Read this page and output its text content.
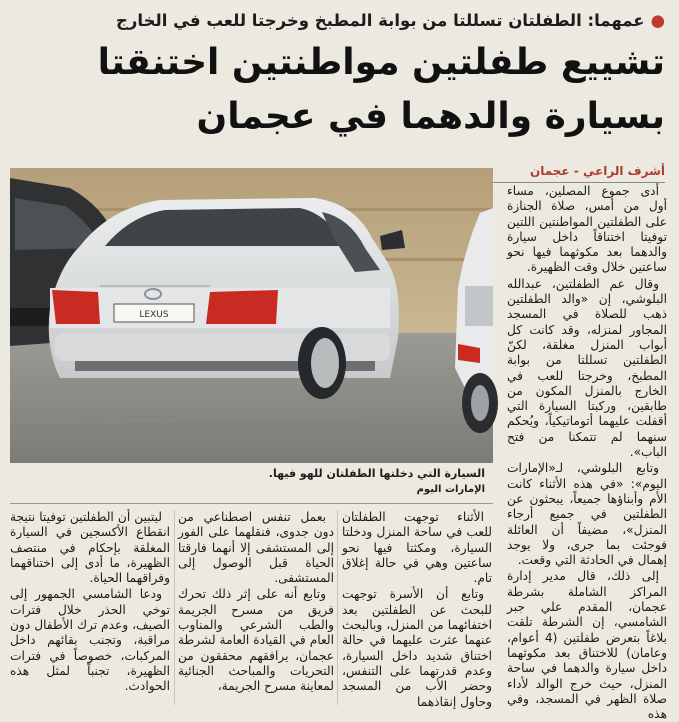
●عمهما: الطفلتان تسللتا من بوابة المطبخ وخرجتا للعب في الخارج
تشييع طفلتين مواطنتين اختنقتا بسيارة والدهما في عجمان
أشرف الراعي - عجمان
LEXUS
السيارة التي دخلتها الطفلتان للهو فيها.
الإمارات اليوم

أدى جموع المصلين، مساء أول من أمس، صلاة الجنازة على الطفلتين المواطنتين اللتين توفيتا اختناقاً داخل سيارة والدهما بعد مكوثهما فيها نحو ساعتين خلال وقت الظهيرة.

وقال عم الطفلتين، عبدالله البلوشي، إن «والد الطفلتين ذهب للصلاة في المسجد المجاور لمنزله، وقد كانت كل أبواب المنزل مغلقة، لكنّ الطفلتين تسللتا من بوابة المطبخ، وخرجتا للعب في الخارج بالمنزل المكون من طابقين، وركبتا السيارة التي أقفلت عليهما أتوماتيكياً، ويُحكم سنهما لم تتمكنا من فتح الباب».

وتابع البلوشي، لـ«الإمارات اليوم»: «في هذه الأثناء كانت الأم وأبناؤها جميعاً، يبحثون عن الطفلتين في جميع أرجاء المنزل»، مضيفاً أن العائلة فوجئت بما جرى، ولا يوجد إهمال في الحادثة التي وقعت.

إلى ذلك، قال مدير إدارة المراكز الشاملة بشرطة عجمان، المقدم علي جبر الشامسي، إن الشرطة تلقت بلاغاً بتعرض طفلتين (4 أعوام، وعامان) للاختناق بعد مكوثهما داخل سيارة والدهما في ساحة المنزل، حيث خرج الوالد لأداء صلاة الظهر في المسجد، وفي هذه

الأثناء توجهت الطفلتان للعب في ساحة المنزل ودخلتا السيارة، ومكثتا فيها نحو ساعتين وهي في حالة إغلاق تام.

وتابع أن الأسرة توجهت للبحث عن الطفلتين بعد اختفائهما من المنزل، وبالبحث عنهما عثرت عليهما في حالة اختناق شديد داخل السيارة، وعدم قدرتهما على التنفس، وحضر الأب من المسجد وحاول إنقاذهما

بعمل تنفس اصطناعي من دون جدوى، فنقلهما على الفور إلى المستشفى إلا أنهما فارقتا الحياة قبل الوصول إلى المستشفى.

وتابع أنه على إثر ذلك تحرك فريق من مسرح الجريمة والطب الشرعي والمناوب العام في القيادة العامة لشرطة عجمان، يرافقهم محققون من التحريات والمباحث الجنائية لمعاينة مسرح الجريمة،

ليتبين أن الطفلتين توفيتا نتيجة انقطاع الأكسجين في السيارة المغلقة بإحكام في منتصف الظهيرة، ما أدى إلى اختناقهما وفراقهما الحياة.

ودعا الشامسي الجمهور إلى توخي الحذر خلال فترات الصيف، وعدم ترك الأطفال دون مراقبة، وتجنب بقائهم داخل المركبات، خصوصاً في فترات الظهيرة، تجنباً لمثل هذه الحوادث.
